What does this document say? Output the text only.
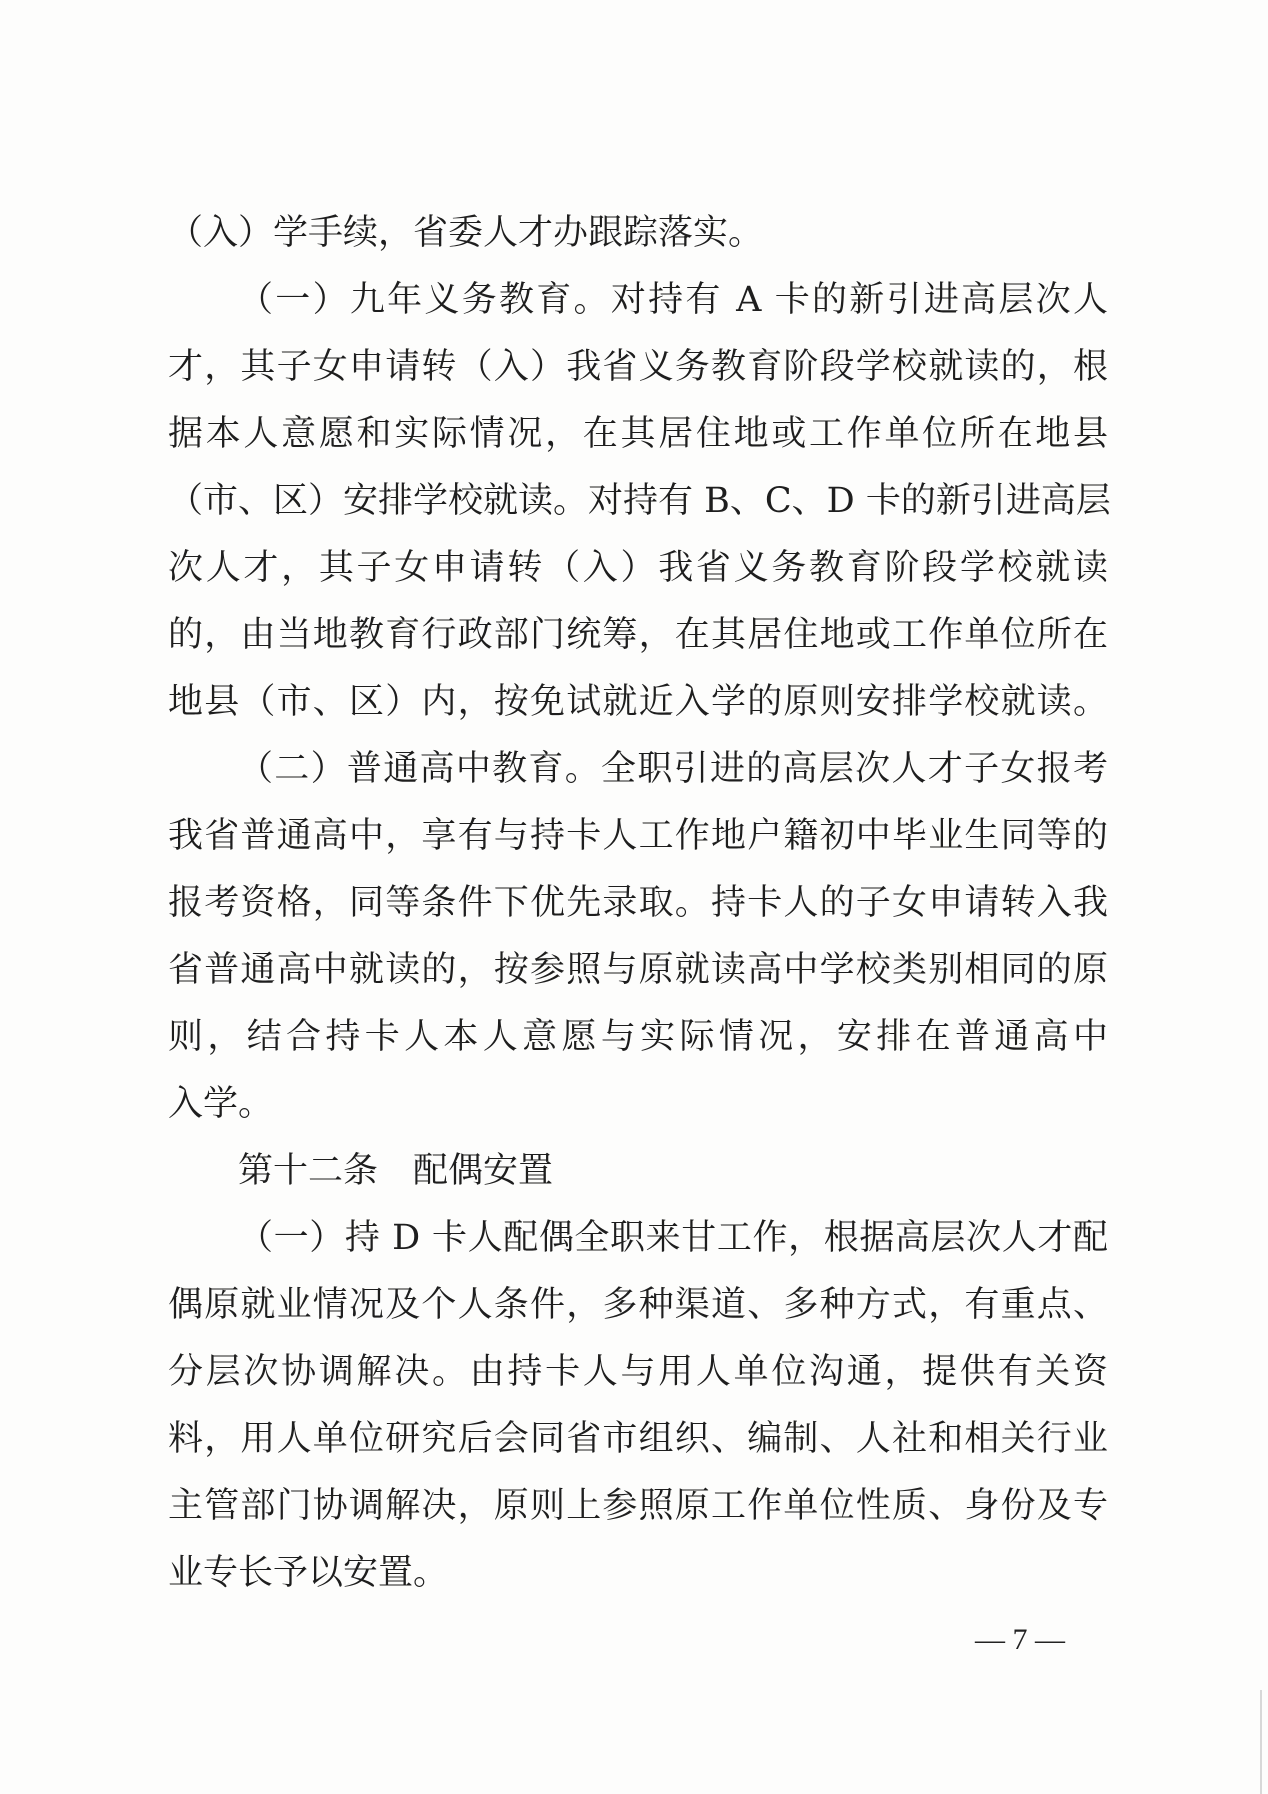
（入）学手续，省委人才办跟踪落实。
（一）九年义务教育。对持有 A 卡的新引进高层次人
才，其子女申请转（入）我省义务教育阶段学校就读的，根
据本人意愿和实际情况，在其居住地或工作单位所在地县
（市、区）安排学校就读。对持有 B、C、D 卡的新引进高层
次人才，其子女申请转（入）我省义务教育阶段学校就读
的，由当地教育行政部门统筹，在其居住地或工作单位所在
地县（市、区）内，按免试就近入学的原则安排学校就读。
（二）普通高中教育。全职引进的高层次人才子女报考
我省普通高中，享有与持卡人工作地户籍初中毕业生同等的
报考资格，同等条件下优先录取。持卡人的子女申请转入我
省普通高中就读的，按参照与原就读高中学校类别相同的原
则，结合持卡人本人意愿与实际情况，安排在普通高中
入学。
第十二条　配偶安置
（一）持 D 卡人配偶全职来甘工作，根据高层次人才配
偶原就业情况及个人条件，多种渠道、多种方式，有重点、
分层次协调解决。由持卡人与用人单位沟通，提供有关资
料，用人单位研究后会同省市组织、编制、人社和相关行业
主管部门协调解决，原则上参照原工作单位性质、身份及专
业专长予以安置。
— 7 —
